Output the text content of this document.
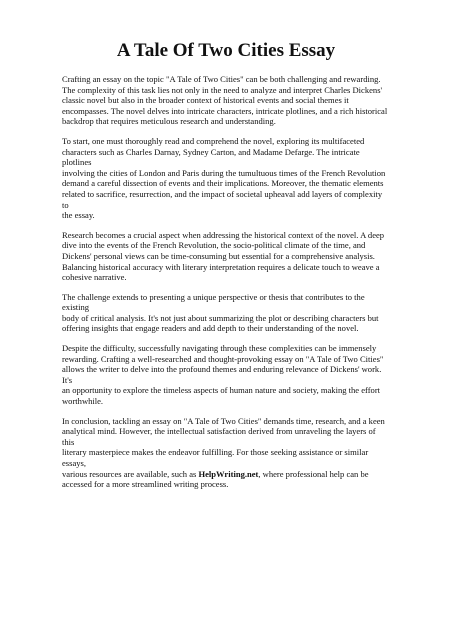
A Tale Of Two Cities Essay

Crafting an essay on the topic "A Tale of Two Cities" can be both challenging and rewarding.
The complexity of this task lies not only in the need to analyze and interpret Charles Dickens'
classic novel but also in the broader context of historical events and social themes it
encompasses. The novel delves into intricate characters, intricate plotlines, and a rich historical
backdrop that requires meticulous research and understanding.

To start, one must thoroughly read and comprehend the novel, exploring its multifaceted
characters such as Charles Darnay, Sydney Carton, and Madame Defarge. The intricate plotlines
involving the cities of London and Paris during the tumultuous times of the French Revolution
demand a careful dissection of events and their implications. Moreover, the thematic elements
related to sacrifice, resurrection, and the impact of societal upheaval add layers of complexity to
the essay.

Research becomes a crucial aspect when addressing the historical context of the novel. A deep
dive into the events of the French Revolution, the socio-political climate of the time, and
Dickens' personal views can be time-consuming but essential for a comprehensive analysis.
Balancing historical accuracy with literary interpretation requires a delicate touch to weave a
cohesive narrative.

The challenge extends to presenting a unique perspective or thesis that contributes to the existing
body of critical analysis. It's not just about summarizing the plot or describing characters but
offering insights that engage readers and add depth to their understanding of the novel.

Despite the difficulty, successfully navigating through these complexities can be immensely
rewarding. Crafting a well-researched and thought-provoking essay on "A Tale of Two Cities"
allows the writer to delve into the profound themes and enduring relevance of Dickens' work. It's
an opportunity to explore the timeless aspects of human nature and society, making the effort
worthwhile.

In conclusion, tackling an essay on "A Tale of Two Cities" demands time, research, and a keen
analytical mind. However, the intellectual satisfaction derived from unraveling the layers of this
literary masterpiece makes the endeavor fulfilling. For those seeking assistance or similar essays,
various resources are available, such as HelpWriting.net, where professional help can be
accessed for a more streamlined writing process.
